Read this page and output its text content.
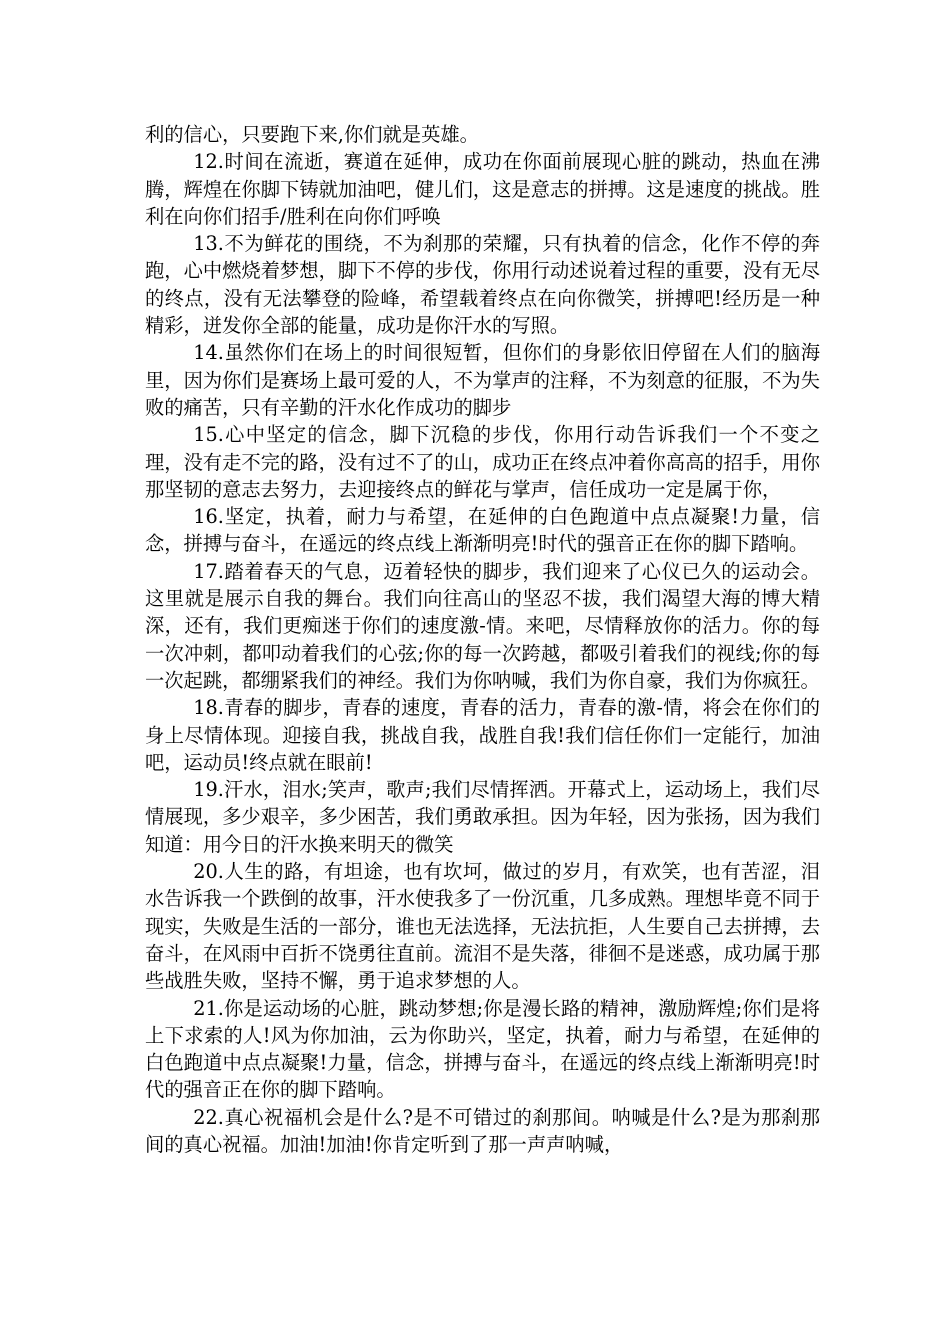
利的信心，只要跑下来,你们就是英雄。

12.时间在流逝，赛道在延伸，成功在你面前展现心脏的跳动，热血在沸腾，辉煌在你脚下铸就加油吧，健儿们，这是意志的拼搏。这是速度的挑战。胜利在向你们招手/胜利在向你们呼唤

13.不为鲜花的围绕，不为刹那的荣耀，只有执着的信念，化作不停的奔跑，心中燃烧着梦想，脚下不停的步伐，你用行动述说着过程的重要，没有无尽的终点，没有无法攀登的险峰，希望载着终点在向你微笑，拼搏吧!经历是一种精彩，迸发你全部的能量，成功是你汗水的写照。

14.虽然你们在场上的时间很短暂，但你们的身影依旧停留在人们的脑海里，因为你们是赛场上最可爱的人，不为掌声的注释，不为刻意的征服，不为失败的痛苦，只有辛勤的汗水化作成功的脚步

15.心中坚定的信念，脚下沉稳的步伐，你用行动告诉我们一个不变之理，没有走不完的路，没有过不了的山，成功正在终点冲着你高高的招手，用你那坚韧的意志去努力，去迎接终点的鲜花与掌声，信任成功一定是属于你，

16.坚定，执着，耐力与希望，在延伸的白色跑道中点点凝聚!力量，信念，拼搏与奋斗，在遥远的终点线上渐渐明亮!时代的强音正在你的脚下踏响。

17.踏着春天的气息，迈着轻快的脚步，我们迎来了心仪已久的运动会。这里就是展示自我的舞台。我们向往高山的坚忍不拔，我们渴望大海的博大精深，还有，我们更痴迷于你们的速度激-情。来吧，尽情释放你的活力。你的每一次冲刺，都叩动着我们的心弦;你的每一次跨越，都吸引着我们的视线;你的每一次起跳，都绷紧我们的神经。我们为你呐喊，我们为你自豪，我们为你疯狂。

18.青春的脚步，青春的速度，青春的活力，青春的激-情，将会在你们的身上尽情体现。迎接自我，挑战自我，战胜自我!我们信任你们一定能行，加油吧，运动员!终点就在眼前!

19.汗水，泪水;笑声，歌声;我们尽情挥洒。开幕式上，运动场上，我们尽情展现，多少艰辛，多少困苦，我们勇敢承担。因为年轻，因为张扬，因为我们知道：用今日的汗水换来明天的微笑

20.人生的路，有坦途，也有坎坷，做过的岁月，有欢笑，也有苦涩，泪水告诉我一个跌倒的故事，汗水使我多了一份沉重，几多成熟。理想毕竟不同于现实，失败是生活的一部分，谁也无法选择，无法抗拒，人生要自己去拼搏，去奋斗，在风雨中百折不饶勇往直前。流泪不是失落，徘徊不是迷惑，成功属于那些战胜失败，坚持不懈，勇于追求梦想的人。

21.你是运动场的心脏，跳动梦想;你是漫长路的精神，激励辉煌;你们是将上下求索的人!风为你加油，云为你助兴，坚定，执着，耐力与希望，在延伸的白色跑道中点点凝聚!力量，信念，拼搏与奋斗，在遥远的终点线上渐渐明亮!时代的强音正在你的脚下踏响。

22.真心祝福机会是什么?是不可错过的刹那间。呐喊是什么?是为那刹那间的真心祝福。加油!加油!你肯定听到了那一声声呐喊，
